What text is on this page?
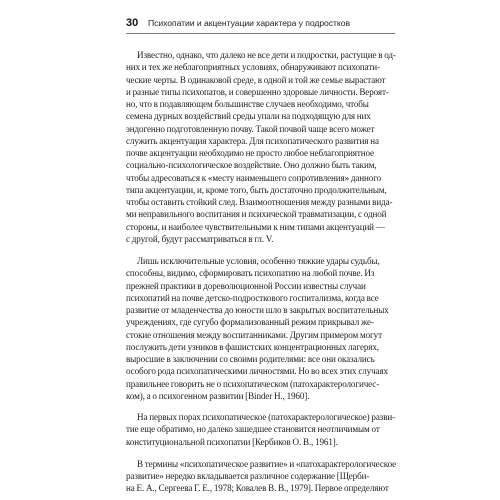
30 Психопатии и акцентуации характера у подростков
Известно, однако, что далеко не все дети и подростки, растущие в од-
них и тех же неблагоприятных условиях, обнаруживают психопати-
ческие черты. В одинаковой среде, в одной и той же семье вырастают
и разные типы психопатов, и совершенно здоровые личности. Вероят-
но, что в подавляющем большинстве случаев необходимо, чтобы
семена дурных воздействий среды упали на подходящую для них
эндогенно подготовленную почву. Такой почвой чаще всего может
служить акцентуация характера. Для психопатического развития на
почве акцентуации необходимо не просто любое неблагоприятное
социально-психологическое воздействие. Оно должно быть таким,
чтобы адресоваться к «месту наименьшего сопротивления» данного
типа акцентуации, и, кроме того, быть достаточно продолжительным,
чтобы оставить стойкий след. Взаимоотношения между разными вида-
ми неправильного воспитания и психической травматизации, с одной
стороны, и наиболее чувствительными к ним типами акцентуаций —
с другой, будут рассматриваться в гл. V.
Лишь исключительные условия, особенно тяжкие удары судьбы,
способны, видимо, сформировать психопатию на любой почве. Из
прежней практики в дореволюционной России известны случаи
психопатий на почве детско-подросткового госпитализма, когда все
развитие от младенчества до юности шло в закрытых воспитательных
учреждениях, где сугубо формализованный режим прикрывал же-
стокие отношения между воспитанниками. Другим примером могут
послужить дети узников в фашистских концентрационных лагерях,
выросшие в заключении со своими родителями: все они оказались
особого рода психопатическими личностями. Но во всех этих случаях
правильнее говорить не о психопатическом (патохарактерологичес-
ком), а о психогенном развитии [Binder H., 1960].
На первых порах психопатическое (патохарактерологическое) разви-
тие еще обратимо, но далеко зашедшее становится неотличимым от
конституциональной психопатии [Кербиков О. В., 1961].
В термины «психопатическое развитие» и «патохарактерологическое
развитие» нередко вкладывается различное содержание [Щерби-
на Е. А., Сергеева Г. Е., 1978; Ковалев В. В., 1979]. Первое определяют
